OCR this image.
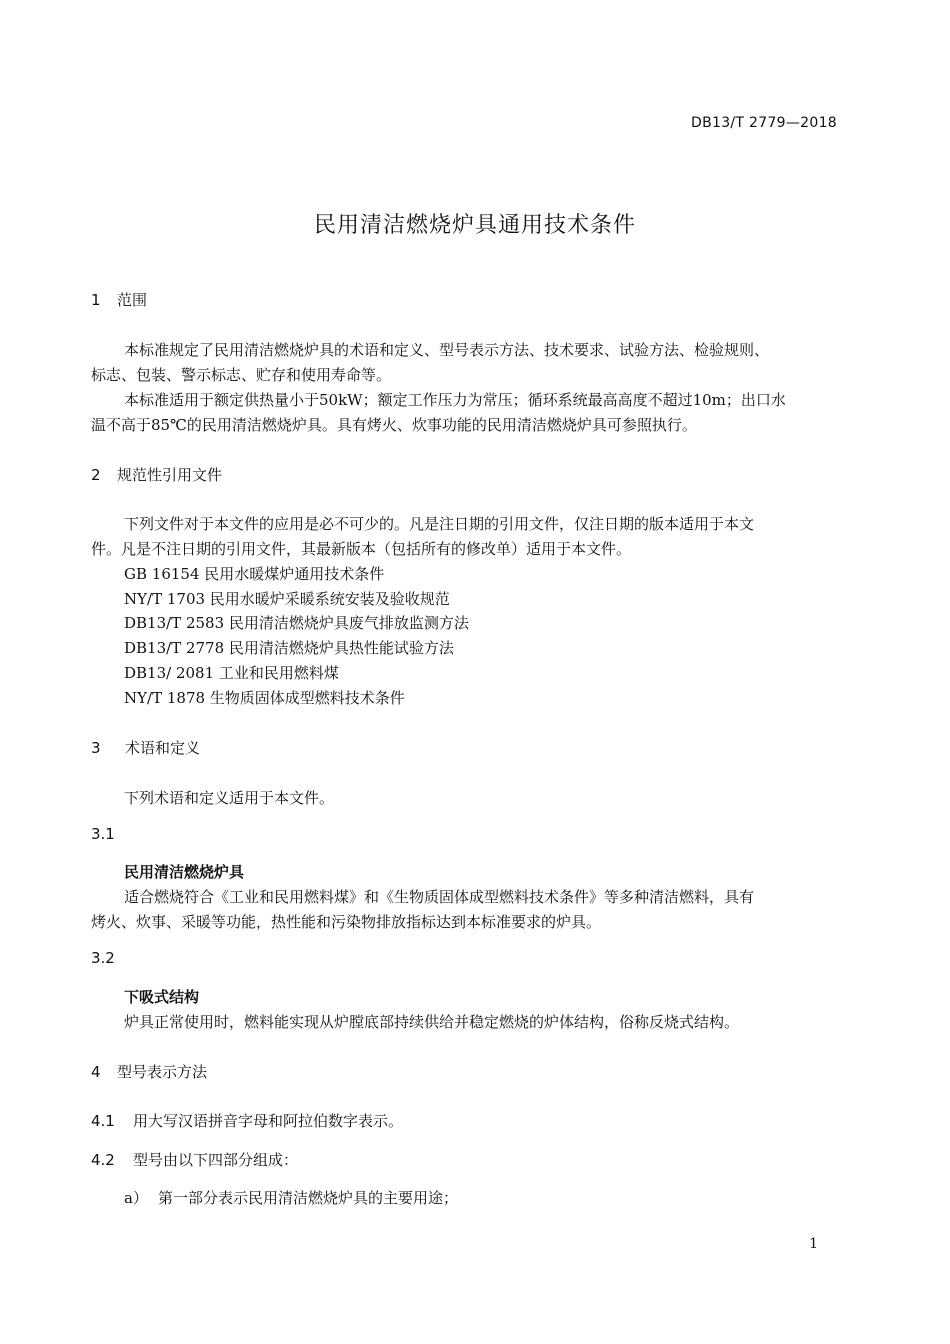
DB13/T 2779—2018
民用清洁燃烧炉具通用技术条件
1 范围
本标准规定了民用清洁燃烧炉具的术语和定义、型号表示方法、技术要求、试验方法、检验规则、
标志、包装、警示标志、贮存和使用寿命等。
本标准适用于额定供热量小于50kW；额定工作压力为常压；循环系统最高高度不超过10m；出口水
温不高于85℃的民用清洁燃烧炉具。具有烤火、炊事功能的民用清洁燃烧炉具可参照执行。
2 规范性引用文件
下列文件对于本文件的应用是必不可少的。凡是注日期的引用文件，仅注日期的版本适用于本文
件。凡是不注日期的引用文件，其最新版本（包括所有的修改单）适用于本文件。
GB 16154 民用水暖煤炉通用技术条件
NY/T 1703 民用水暖炉采暖系统安装及验收规范
DB13/T 2583 民用清洁燃烧炉具废气排放监测方法
DB13/T 2778 民用清洁燃烧炉具热性能试验方法
DB13/ 2081 工业和民用燃料煤
NY/T 1878 生物质固体成型燃料技术条件
3 术语和定义
下列术语和定义适用于本文件。
3.1
民用清洁燃烧炉具
适合燃烧符合《工业和民用燃料煤》和《生物质固体成型燃料技术条件》等多种清洁燃料，具有
烤火、炊事、采暖等功能，热性能和污染物排放指标达到本标准要求的炉具。
3.2
下吸式结构
炉具正常使用时，燃料能实现从炉膛底部持续供给并稳定燃烧的炉体结构，俗称反烧式结构。
4 型号表示方法
4.1 用大写汉语拼音字母和阿拉伯数字表示。
4.2 型号由以下四部分组成：
a） 第一部分表示民用清洁燃烧炉具的主要用途；
1
